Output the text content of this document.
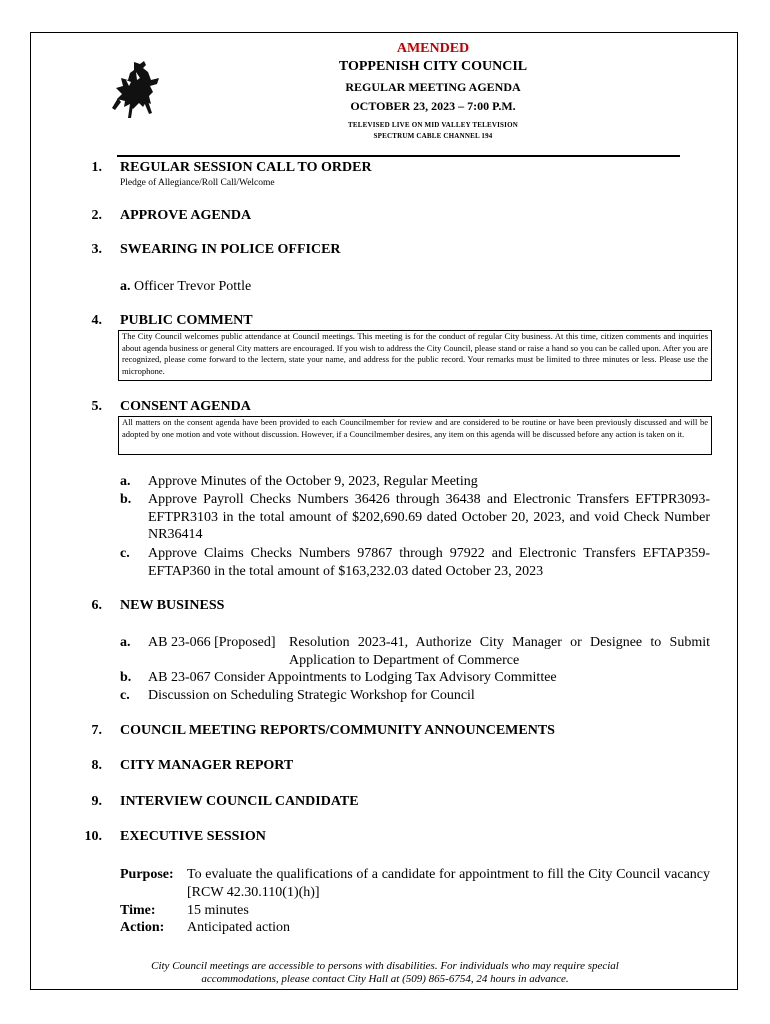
AMENDED
TOPPENISH CITY COUNCIL
REGULAR MEETING AGENDA
OCTOBER 23, 2023 – 7:00 P.M.
TELEVISED LIVE ON MID VALLEY TELEVISION
SPECTRUM CABLE CHANNEL 194
1. REGULAR SESSION CALL TO ORDER
Pledge of Allegiance/Roll Call/Welcome
2. APPROVE AGENDA
3. SWEARING IN POLICE OFFICER
a. Officer Trevor Pottle
4. PUBLIC COMMENT
The City Council welcomes public attendance at Council meetings. This meeting is for the conduct of regular City business. At this time, citizen comments and inquiries about agenda business or general City matters are encouraged. If you wish to address the City Council, please stand or raise a hand so you can be called upon. After you are recognized, please come forward to the lectern, state your name, and address for the public record. Your remarks must be limited to three minutes or less. Please use the microphone.
5. CONSENT AGENDA
All matters on the consent agenda have been provided to each Councilmember for review and are considered to be routine or have been previously discussed and will be adopted by one motion and vote without discussion. However, if a Councilmember desires, any item on this agenda will be discussed before any action is taken on it.
a.	Approve Minutes of the October 9, 2023, Regular Meeting
b.	Approve Payroll Checks Numbers 36426 through 36438 and Electronic Transfers EFTPR3093-EFTPR3103 in the total amount of $202,690.69 dated October 20, 2023, and void Check Number NR36414
c.	Approve Claims Checks Numbers 97867 through 97922 and Electronic Transfers EFTAP359-EFTAP360 in the total amount of $163,232.03 dated October 23, 2023
6. NEW BUSINESS
a.	AB 23-066 [Proposed] Resolution 2023-41, Authorize City Manager or Designee to Submit Application to Department of Commerce
b.	AB 23-067 Consider Appointments to Lodging Tax Advisory Committee
c.	Discussion on Scheduling Strategic Workshop for Council
7. COUNCIL MEETING REPORTS/COMMUNITY ANNOUNCEMENTS
8. CITY MANAGER REPORT
9. INTERVIEW COUNCIL CANDIDATE
10. EXECUTIVE SESSION
Purpose: To evaluate the qualifications of a candidate for appointment to fill the City Council vacancy [RCW 42.30.110(1)(h)]
Time:	15 minutes
Action:	Anticipated action
City Council meetings are accessible to persons with disabilities. For individuals who may require special
accommodations, please contact City Hall at (509) 865-6754, 24 hours in advance.
